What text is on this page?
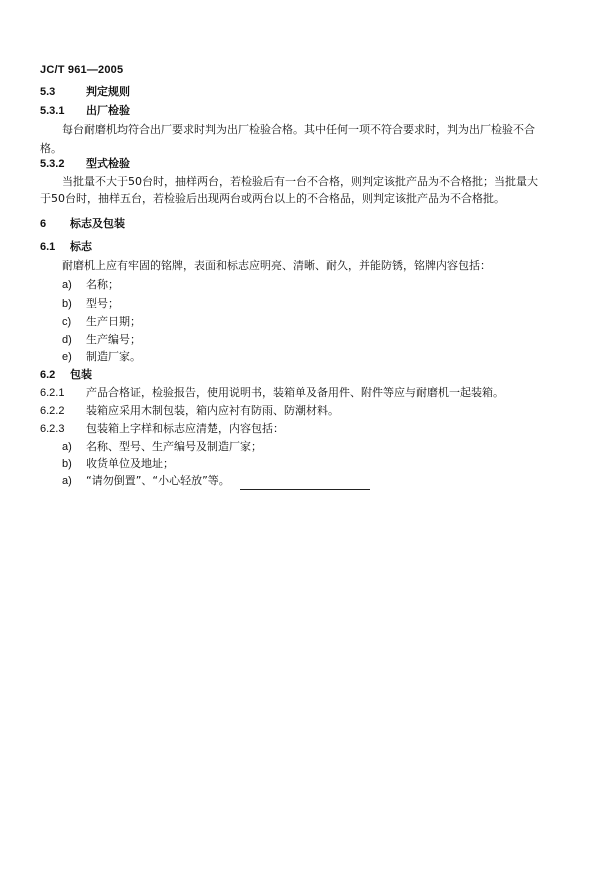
JC/T 961—2005
5.3	判定规则
5.3.1 出厂检验
每台耐磨机均符合出厂要求时判为出厂检验合格。其中任何一项不符合要求时，判为出厂检验不合
格。
5.3.2 型式检验
当批量不大于50台时，抽样两台，若检验后有一台不合格，则判定该批产品为不合格批；当批量大
于50台时，抽样五台，若检验后出现两台或两台以上的不合格品，则判定该批产品为不合格批。
6 标志及包装
6.1 标志
耐磨机上应有牢固的铭牌，表面和标志应明亮、清晰、耐久，并能防锈，铭牌内容包括：
a) 名称；
b) 型号；
c) 生产日期；
d) 生产编号；
e) 制造厂家。
6.2 包装
6.2.1 产品合格证，检验报告，使用说明书，装箱单及备用件、附件等应与耐磨机一起装箱。
6.2.2 装箱应采用木制包装，箱内应衬有防雨、防潮材料。
6.2.3 包装箱上字样和标志应清楚，内容包括：
a) 名称、型号、生产编号及制造厂家；
b) 收货单位及地址；
a) “请勿倒置”、“小心轻放”等。
